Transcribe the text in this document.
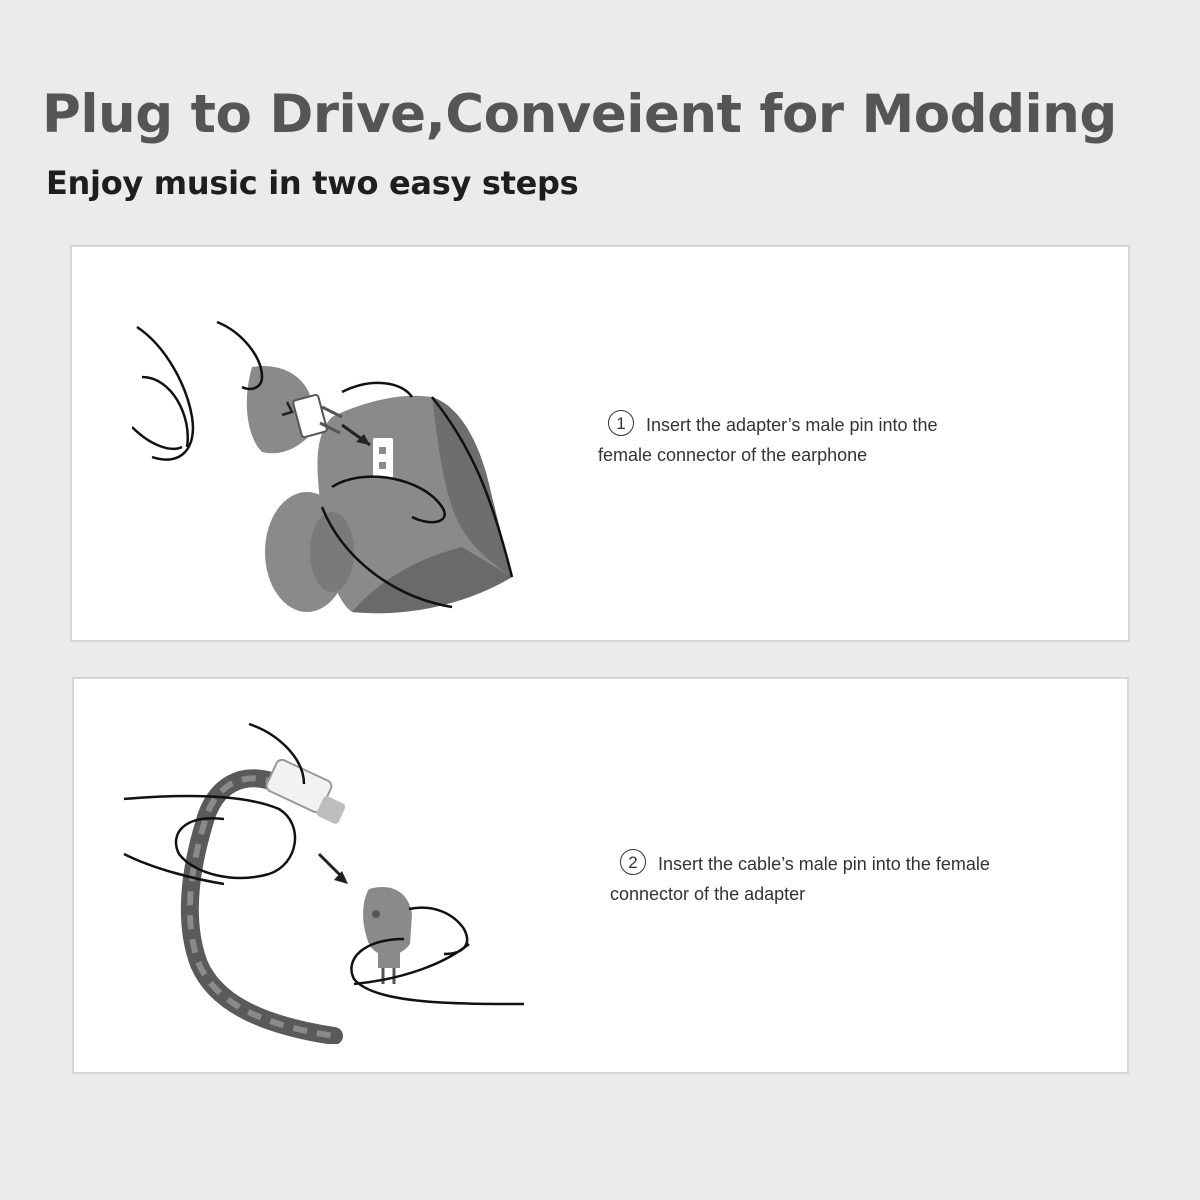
Plug to Drive,Conveient for Modding
Enjoy music in two easy steps
1 Insert the adapter’s male pin into the
female connector of the earphone
2 Insert the cable’s male pin into the female
connector of the adapter
